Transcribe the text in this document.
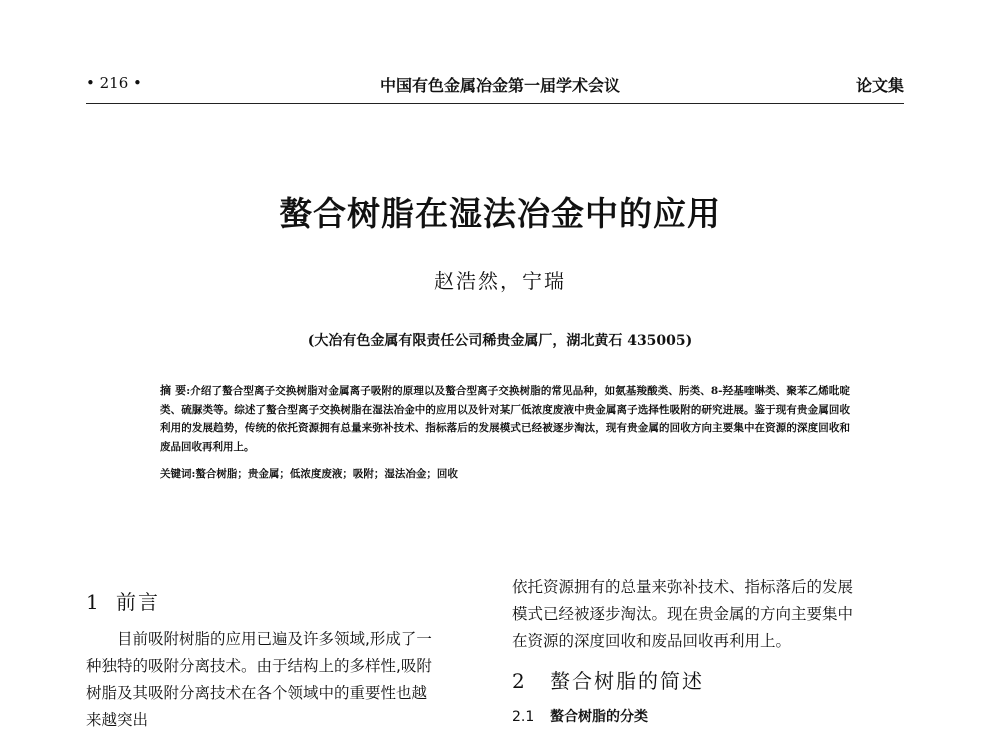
• 216 •	中国有色金属冶金第一届学术会议	论文集
螯合树脂在湿法冶金中的应用
赵浩然，宁瑞
(大冶有色金属有限责任公司稀贵金属厂，湖北黄石 435005)
摘 要:介绍了螯合型离子交换树脂对金属离子吸附的原理以及螯合型离子交换树脂的常见品种，如氨基羧酸类、肟类、8-羟基喹啉类、聚苯乙烯吡啶类、硫脲类等。综述了螯合型离子交换树脂在湿法冶金中的应用以及针对某厂低浓度废液中贵金属离子选择性吸附的研究进展。鉴于现有贵金属回收利用的发展趋势，传统的依托资源拥有总量来弥补技术、指标落后的发展模式已经被逐步淘汰，现有贵金属的回收方向主要集中在资源的深度回收和废品回收再利用上。
关键词:螯合树脂；贵金属；低浓度废液；吸附；湿法冶金；回收
1 前言
目前吸附树脂的应用已遍及许多领域,形成了一
种独特的吸附分离技术。由于结构上的多样性,吸附
树脂及其吸附分离技术在各个领域中的重要性也越
来越突出
依托资源拥有的总量来弥补技术、指标落后的发展
模式已经被逐步淘汰。现在贵金属的方向主要集中
在资源的深度回收和废品回收再利用上。
2 螯合树脂的简述
2.1 螯合树脂的分类
